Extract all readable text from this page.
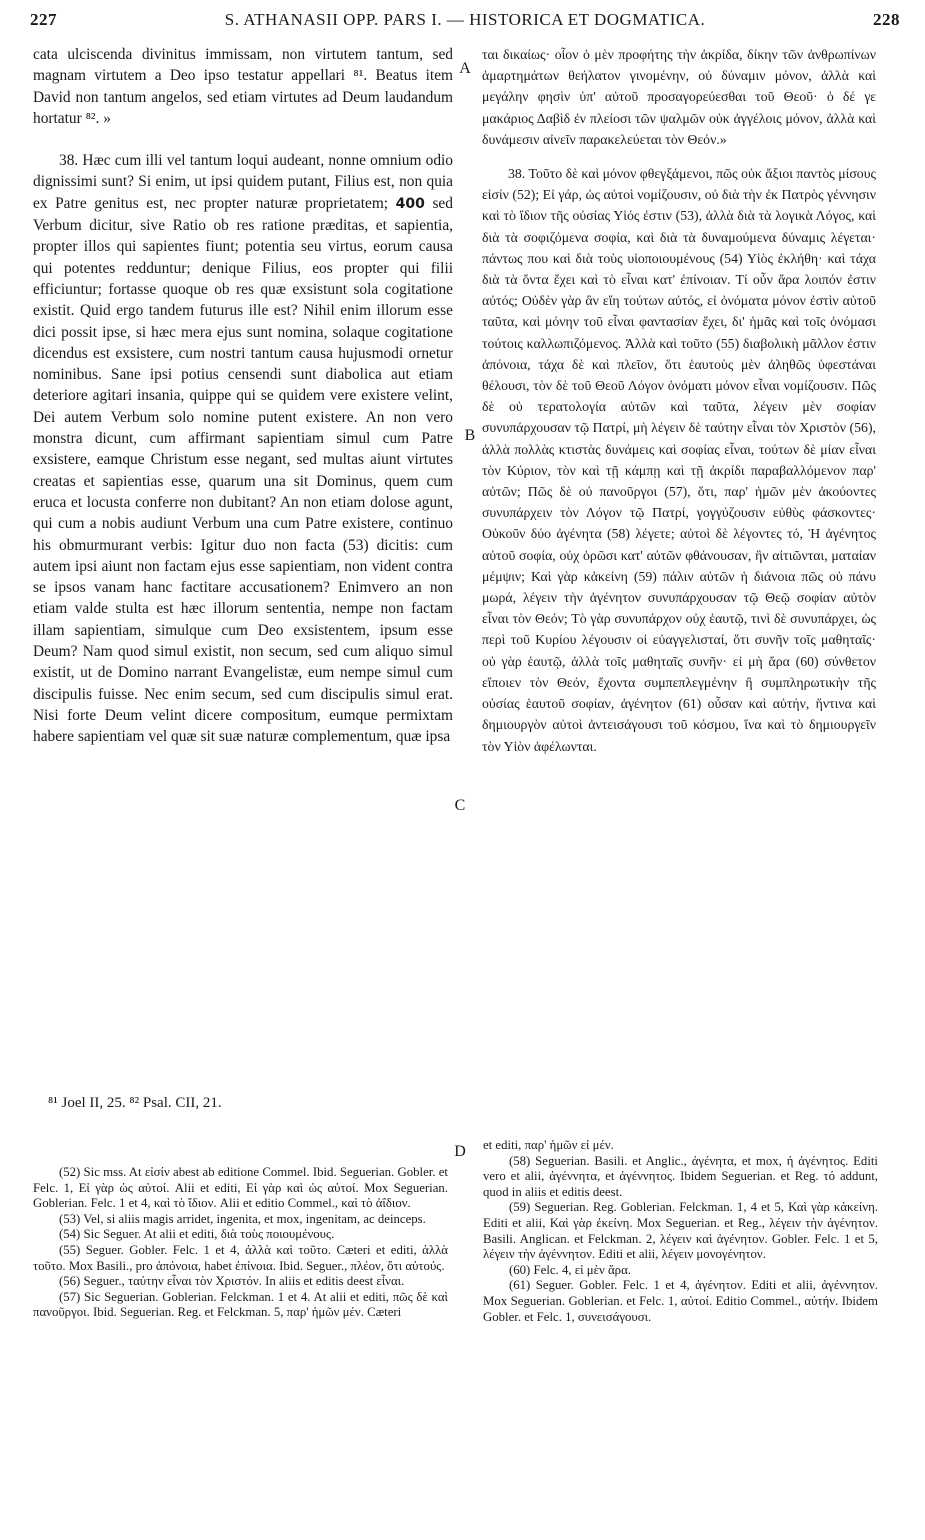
227	S. ATHANASII OPP. PARS I. — HISTORICA ET DOGMATICA.	228

cata ulciscenda divinitus immissam, non virtutem tantum, sed magnam virtutem a Deo ipso testatur appellari ⁸¹. Beatus item David non tantum angelos, sed etiam virtutes ad Deum laudandum hortatur ⁸². »

38. Hæc cum illi vel tantum loqui audeant, nonne omnium odio dignissimi sunt? Si enim, ut ipsi quidem putant, Filius est, non quia ex Patre genitus est, nec propter naturæ proprietatem; 400 sed Verbum dicitur, sive Ratio ob res ratione præditas, et sapientia, propter illos qui sapientes fiunt; potentia seu virtus, eorum causa qui potentes redduntur; denique Filius, eos propter qui filii efficiuntur; fortasse quoque ob res quæ exsistunt sola cogitatione existit. Quid ergo tandem futurus ille est? Nihil enim illorum esse dici possit ipse, si hæc mera ejus sunt nomina, solaque cogitatione dicendus est exsistere, cum nostri tantum causa hujusmodi ornetur nominibus. Sane ipsi potius censendi sunt diabolica aut etiam deteriore agitari insania, quippe qui se quidem vere existere velint, Dei autem Verbum solo nomine putent existere. An non vero monstra dicunt, cum affirmant sapientiam simul cum Patre exsistere, eamque Christum esse negant, sed multas aiunt virtutes creatas et sapientias esse, quarum una sit Dominus, quem cum eruca et locusta conferre non dubitant? An non etiam dolose agunt, qui cum a nobis audiunt Verbum una cum Patre existere, continuo his obmurmurant verbis: Igitur duo non facta (53) dicitis: cum autem ipsi aiunt non factam ejus esse sapientiam, non vident contra se ipsos vanam hanc factitare accusationem? Enimvero an non etiam valde stulta est hæc illorum sententia, nempe non factam illam sapientiam, simulque cum Deo exsistentem, ipsum esse Deum? Nam quod simul existit, non secum, sed cum aliquo simul existit, ut de Domino narrant Evangelistæ, eum nempe simul cum discipulis fuisse. Nec enim secum, sed cum discipulis simul erat. Nisi forte Deum velint dicere compositum, eumque permixtam habere sapientiam vel quæ sit suæ naturæ complementum, quæ ipsa

A
B
C
D

ται δικαίως· οἷον ὁ μὲν προφήτης τὴν ἀκρίδα, δίκην τῶν ἀνθρωπίνων ἁμαρτημάτων θεήλατον γινομένην, οὐ δύναμιν μόνον, ἀλλὰ καὶ μεγάλην φησὶν ὑπ' αὐτοῦ προσαγορεύεσθαι τοῦ Θεοῦ· ὁ δέ γε μακάριος Δαβὶδ ἐν πλείοσι τῶν ψαλμῶν οὐκ ἀγγέλοις μόνον, ἀλλὰ καὶ δυνάμεσιν αἰνεῖν παρακελεύεται τὸν Θεόν.»

38. Τοῦτο δὲ καὶ μόνον φθεγξάμενοι, πῶς οὐκ ἄξιοι παντὸς μίσους εἰσίν (52); Εἰ γάρ, ὡς αὐτοὶ νομίζουσιν, οὐ διὰ τὴν ἐκ Πατρὸς γέννησιν καὶ τὸ ἴδιον τῆς οὐσίας Υἱός ἐστιν (53), ἀλλὰ διὰ τὰ λογικὰ Λόγος, καὶ διὰ τὰ σοφιζόμενα σοφία, καὶ διὰ τὰ δυναμούμενα δύναμις λέγεται· πάντως που καὶ διὰ τοὺς υἱοποιουμένους (54) Υἱὸς ἐκλήθη· καὶ τάχα διὰ τὰ ὄντα ἔχει καὶ τὸ εἶναι κατ' ἐπίνοιαν. Τί οὖν ἄρα λοιπόν ἐστιν αὐτός; Οὐδὲν γὰρ ἂν εἴη τούτων αὐτός, εἰ ὀνόματα μόνον ἐστὶν αὐτοῦ ταῦτα, καὶ μόνην τοῦ εἶναι φαντασίαν ἔχει, δι' ἡμᾶς καὶ τοῖς ὀνόμασι τούτοις καλλωπιζόμενος. Ἀλλὰ καὶ τοῦτο (55) διαβολικὴ μᾶλλον ἐστιν ἀπόνοια, τάχα δὲ καὶ πλεῖον, ὅτι ἑαυτοὺς μὲν ἀληθῶς ὑφεστάναι θέλουσι, τὸν δὲ τοῦ Θεοῦ Λόγον ὀνόματι μόνον εἶναι νομίζουσιν. Πῶς δὲ οὐ τερατολογία αὐτῶν καὶ ταῦτα, λέγειν μὲν σοφίαν συνυπάρχουσαν τῷ Πατρί, μὴ λέγειν δὲ ταύτην εἶναι τὸν Χριστὸν (56), ἀλλὰ πολλὰς κτιστὰς δυνάμεις καὶ σοφίας εἶναι, τούτων δὲ μίαν εἶναι τὸν Κύριον, τὸν καὶ τῇ κάμπῃ καὶ τῇ ἀκρίδι παραβαλλόμενον παρ' αὐτῶν; Πῶς δὲ οὐ πανοῦργοι (57), ὅτι, παρ' ἡμῶν μὲν ἀκούοντες συνυπάρχειν τὸν Λόγον τῷ Πατρί, γογγύζουσιν εὐθὺς φάσκοντες· Οὐκοῦν δύο ἀγένητα (58) λέγετε; αὐτοὶ δὲ λέγοντες τό, Ἡ ἀγένητος αὐτοῦ σοφία, οὐχ ὁρῶσι κατ' αὐτῶν φθάνουσαν, ἣν αἰτιῶνται, ματαίαν μέμψιν; Καὶ γὰρ κἀκείνη (59) πάλιν αὐτῶν ἡ διάνοια πῶς οὐ πάνυ μωρά, λέγειν τὴν ἀγένητον συνυπάρχουσαν τῷ Θεῷ σοφίαν αὐτὸν εἶναι τὸν Θεόν; Τὸ γὰρ συνυπάρχον οὐχ ἑαυτῷ, τινὶ δὲ συνυπάρχει, ὡς περὶ τοῦ Κυρίου λέγουσιν οἱ εὐαγγελισταί, ὅτι συνῆν τοῖς μαθηταῖς· οὐ γὰρ ἑαυτῷ, ἀλλὰ τοῖς μαθηταῖς συνῆν· εἰ μὴ ἄρα (60) σύνθετον εἴποιεν τὸν Θεόν, ἔχοντα συμπεπλεγμένην ἢ συμπληρωτικὴν τῆς οὐσίας ἑαυτοῦ σοφίαν, ἀγένητον (61) οὖσαν καὶ αὐτήν, ἥντινα καὶ δημιουργὸν αὐτοὶ ἀντεισάγουσι τοῦ κόσμου, ἵνα καὶ τὸ δημιουργεῖν τὸν Υἱὸν ἀφέλωνται.

⁸¹ Joel II, 25. ⁸² Psal. CII, 21.

(52) Sic mss. At εἰσίν abest ab editione Commel. Ibid. Seguerian. Gobler. et Felc. 1, Εἰ γὰρ ὡς αὐτοί. Alii et editi, Εἰ γὰρ καὶ ὡς αὐτοί. Mox Seguerian. Goblerian. Felc. 1 et 4, καὶ τὸ ἴδιον. Alii et editio Commel., καὶ τὸ ἀΐδιον.

(53) Vel, si aliis magis arridet, ingenita, et mox, ingenitam, ac deinceps.

(54) Sic Seguer. At alii et editi, διὰ τοὺς ποιουμένους.

(55) Seguer. Gobler. Felc. 1 et 4, ἀλλὰ καὶ τοῦτο. Cæteri et editi, ἀλλὰ τοῦτο. Mox Basili., pro ἀπόνοια, habet ἐπίνοια. Ibid. Seguer., πλέον, ὅτι αὐτούς.

(56) Seguer., ταύτην εἶναι τὸν Χριστόν. In aliis et editis deest εἶναι.

(57) Sic Seguerian. Goblerian. Felckman. 1 et 4. At alii et editi, πῶς δὲ καὶ πανοῦργοι. Ibid. Seguerian. Reg. et Felckman. 5, παρ' ἡμῶν μέν. Cæteri

et editi, παρ' ἡμῶν εἰ μέν.

(58) Seguerian. Basili. et Anglic., ἀγένητα, et mox, ἡ ἀγένητος. Editi vero et alii, ἀγέννητα, et ἀγέννητος. Ibidem Seguerian. et Reg. τό addunt, quod in aliis et editis deest.

(59) Seguerian. Reg. Goblerian. Felckman. 1, 4 et 5, Καὶ γὰρ κἀκείνη. Editi et alii, Καὶ γὰρ ἐκείνη. Mox Seguerian. et Reg., λέγειν τὴν ἀγένητον. Basili. Anglican. et Felckman. 2, λέγειν καὶ ἀγένητον. Gobler. Felc. 1 et 5, λέγειν τὴν ἀγέννητον. Editi et alii, λέγειν μονογένητον.

(60) Felc. 4, εἰ μὲν ἄρα.

(61) Seguer. Gobler. Felc. 1 et 4, ἀγένητον. Editi et alii, ἀγέννητον. Mox Seguerian. Goblerian. et Felc. 1, αὐτοί. Editio Commel., αὐτήν. Ibidem Gobler. et Felc. 1, συνεισάγουσι.
